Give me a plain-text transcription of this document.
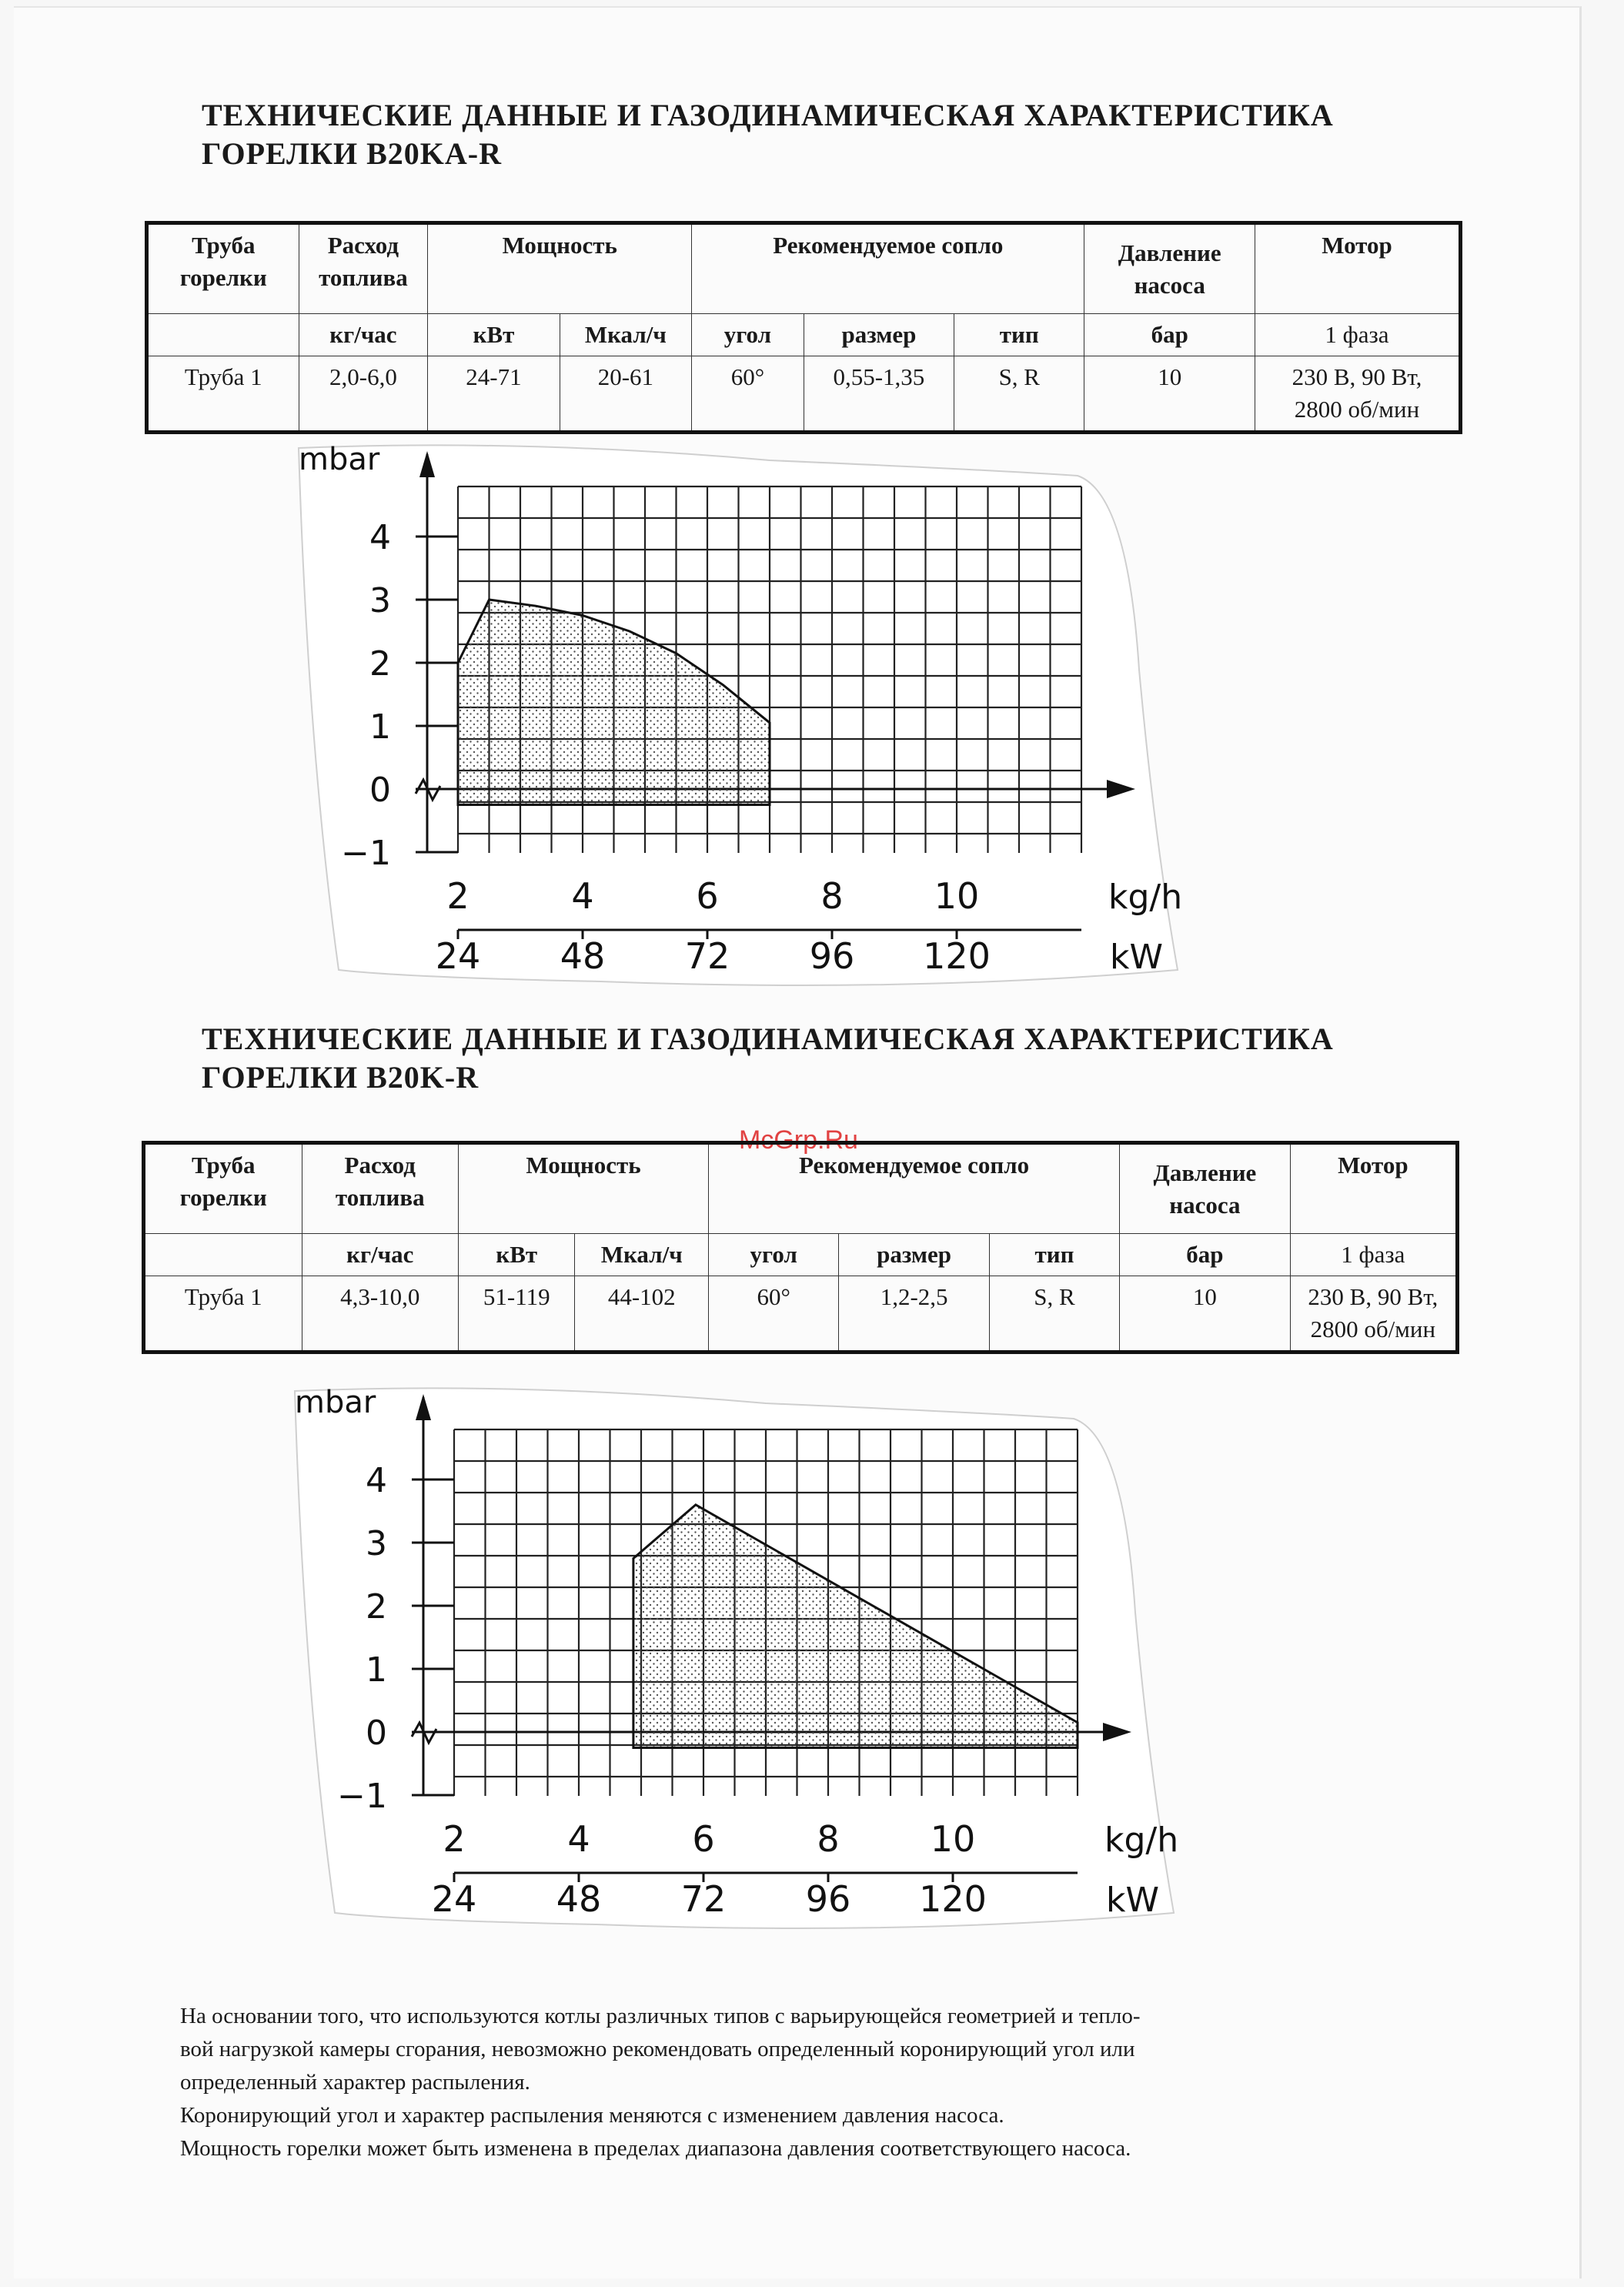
ТЕХНИЧЕСКИЕ ДАННЫЕ И ГАЗОДИНАМИЧЕСКАЯ ХАРАКТЕРИСТИКА
ГОРЕЛКИ B20KA-R
Труба горелки	Расход топлива	Мощность		Рекомендуемое сопло			Давление насоса	Мотор
	кг/час	кВт	Мкал/ч	угол	размер	тип	бар	1 фаза
Труба 1	2,0-6,0	24-71	20-61	60°	0,55-1,35	S, R	10	230 В, 90 Вт,
2800 об/мин
4
3
2
1
0
−1
mbar
2	4	6	8	10	kg/h
24 48 72 96 120	kW
McGrp.Ru
ТЕХНИЧЕСКИЕ ДАННЫЕ И ГАЗОДИНАМИЧЕСКАЯ ХАРАКТЕРИСТИКА
ГОРЕЛКИ B20K-R
Труба горелки	Расход топлива	Мощность		Рекомендуемое сопло			Давление насоса	Мотор
	кг/час	кВт	Мкал/ч	угол	размер	тип	бар	1 фаза
Труба 1	4,3-10,0	51-119	44-102	60°	1,2-2,5	S, R	10	230 В, 90 Вт,
2800 об/мин
4
3
2
1
0
−1
mbar
2	4	6	8	10	kg/h
24 48 72 96 120	kW

На основании того, что используются котлы различных типов с варьирующейся геометрией и тепло-

вой нагрузкой камеры сгорания, невозможно рекомендовать определенный коронирующий угол или

определенный характер распыления.

Коронирующий угол и характер распыления меняются с изменением давления насоса.

Мощность горелки может быть изменена в пределах диапазона давления соответствующего насоса.
